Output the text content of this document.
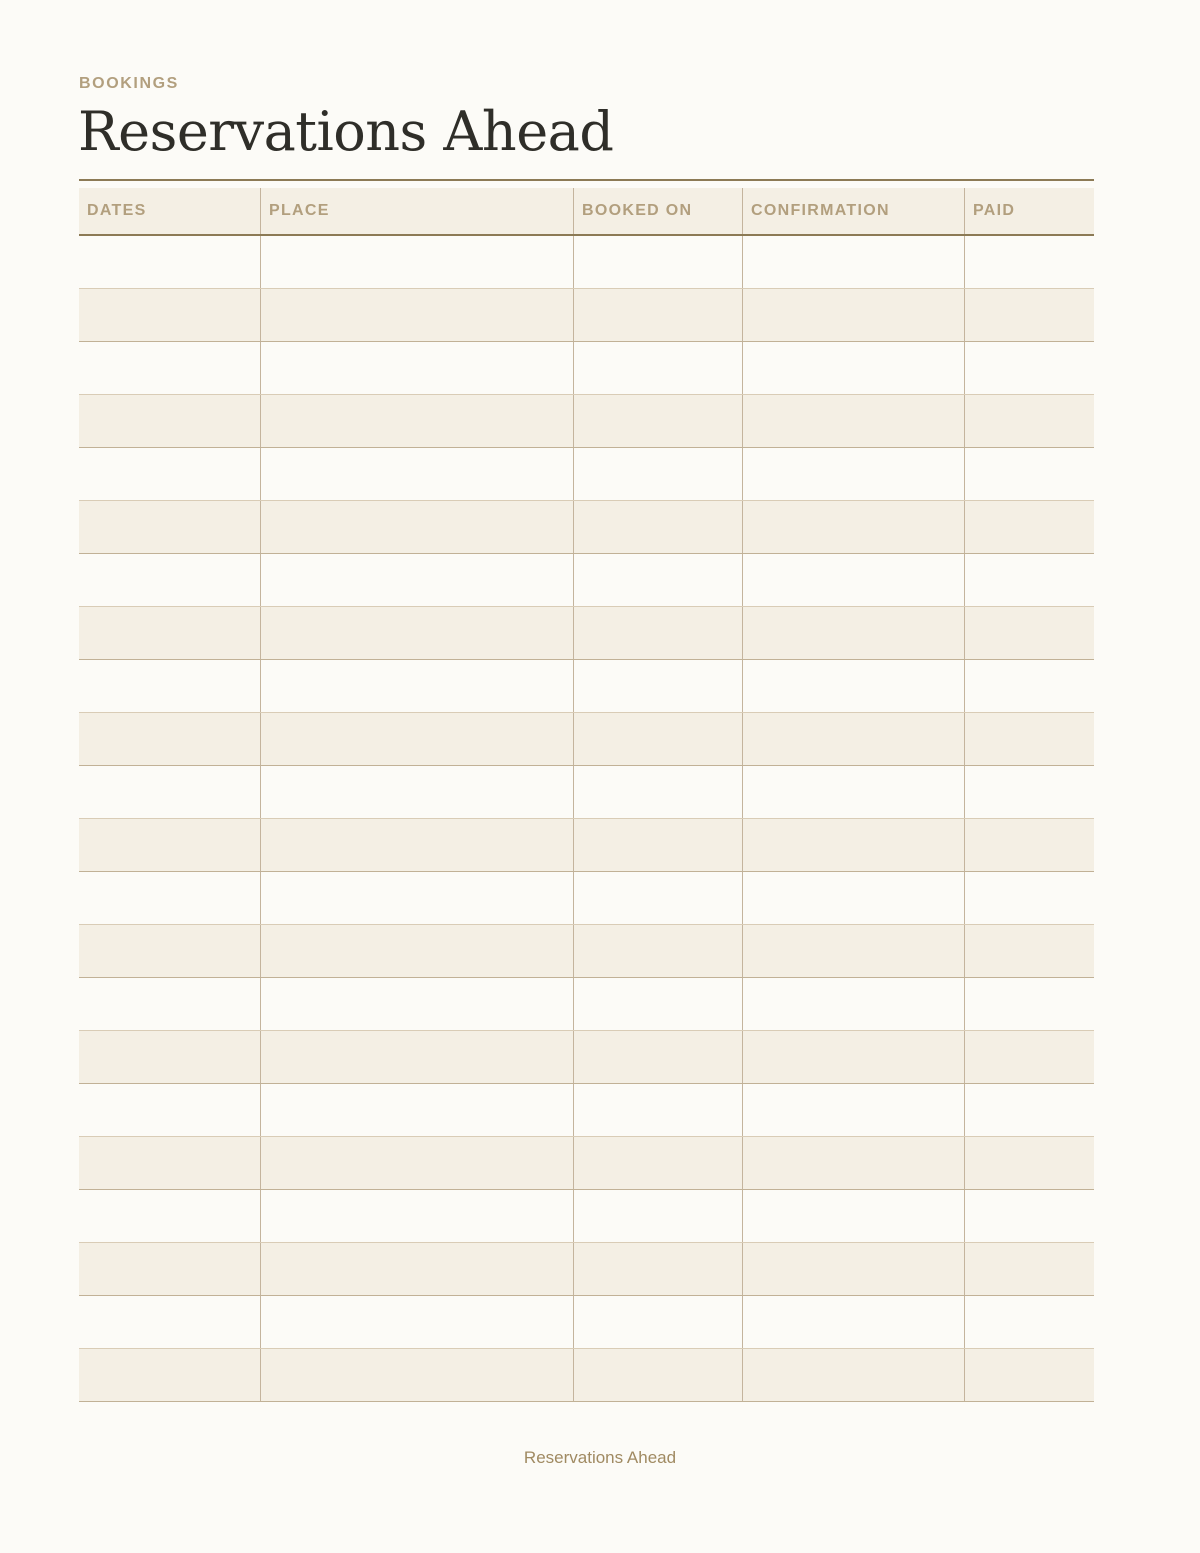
BOOKINGS
Reservations Ahead
DATES	PLACE	BOOKED ON	CONFIRMATION	PAID
Reservations Ahead
